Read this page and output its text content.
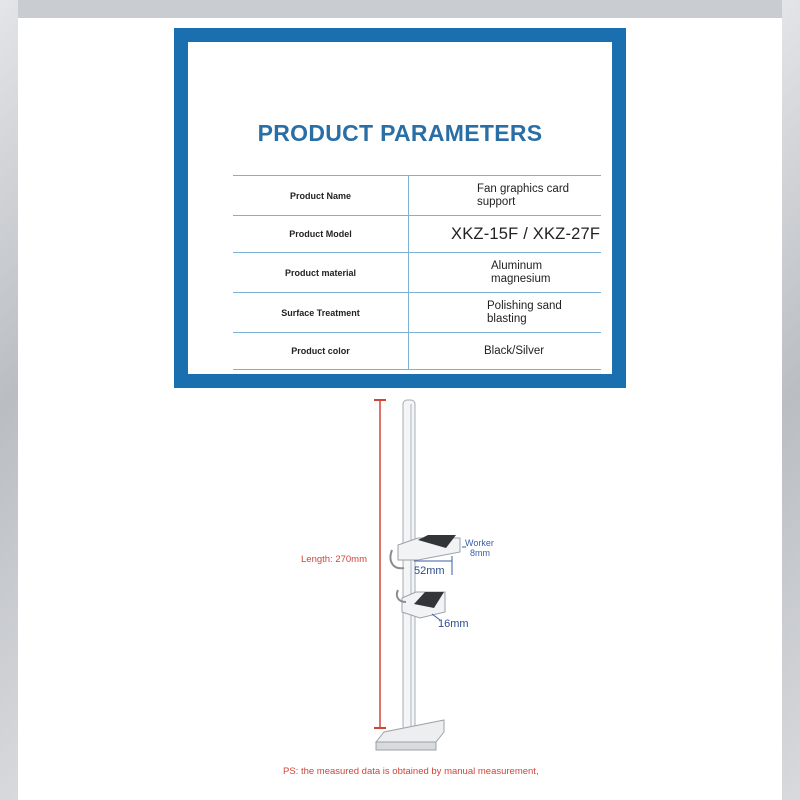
PRODUCT PARAMETERS
Product Name	Fan graphics card support
Product Model	XKZ-15F / XKZ-27F
Product material	Aluminum magnesium
Surface Treatment	Polishing sand blasting
Product color	Black/Silver
Length: 270mm
52mm
Worker
8mm
16mm
PS: the measured data is obtained by manual measurement,
